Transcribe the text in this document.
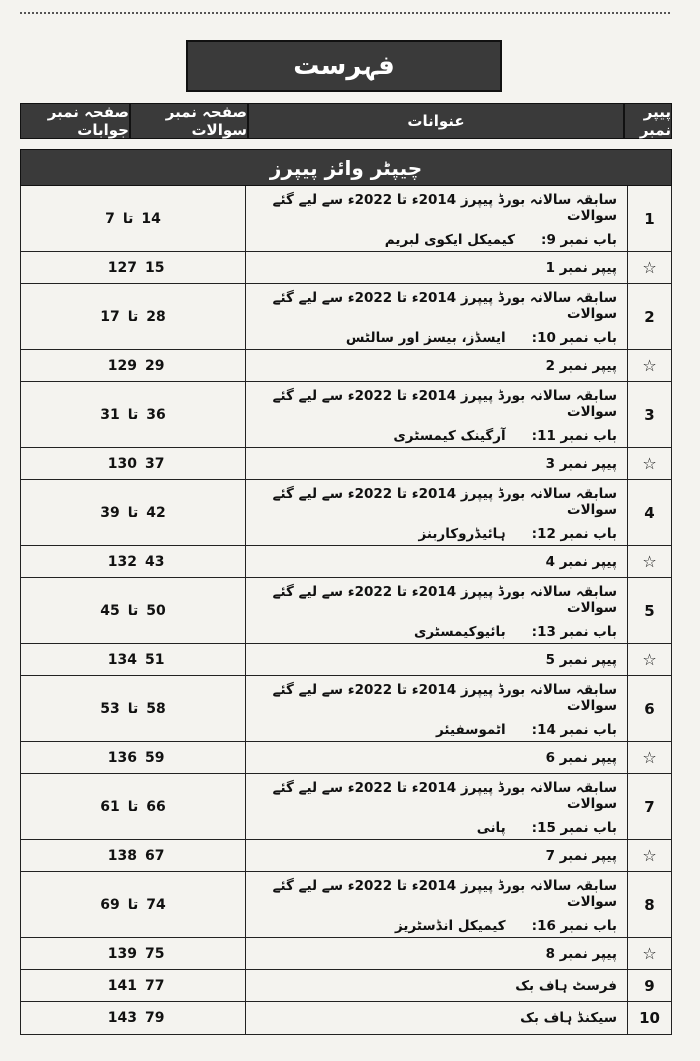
فہرست
پیپر نمبر
عنوانات
صفحہ نمبر سوالات
صفحہ نمبر جوابات
چیپٹر وائز پیپرز
1
سابقہ سالانہ بورڈ پیپرز 2014ء تا 2022ء سے لیے گئے سوالات
باب نمبر 9:
کیمیکل ایکوی لبریم
7 تا 14
☆
پیپر نمبر 1
15
127
2
سابقہ سالانہ بورڈ پیپرز 2014ء تا 2022ء سے لیے گئے سوالات
باب نمبر 10:
ایسڈز، بیسز اور سالٹس
17 تا 28
☆
پیپر نمبر 2
29
129
3
سابقہ سالانہ بورڈ پیپرز 2014ء تا 2022ء سے لیے گئے سوالات
باب نمبر 11:
آرگینک کیمسٹری
31 تا 36
☆
پیپر نمبر 3
37
130
4
سابقہ سالانہ بورڈ پیپرز 2014ء تا 2022ء سے لیے گئے سوالات
باب نمبر 12:
ہائیڈروکاربنز
39 تا 42
☆
پیپر نمبر 4
43
132
5
سابقہ سالانہ بورڈ پیپرز 2014ء تا 2022ء سے لیے گئے سوالات
باب نمبر 13:
بائیوکیمسٹری
45 تا 50
☆
پیپر نمبر 5
51
134
6
سابقہ سالانہ بورڈ پیپرز 2014ء تا 2022ء سے لیے گئے سوالات
باب نمبر 14:
اٹموسفیئر
53 تا 58
☆
پیپر نمبر 6
59
136
7
سابقہ سالانہ بورڈ پیپرز 2014ء تا 2022ء سے لیے گئے سوالات
باب نمبر 15:
پانی
61 تا 66
☆
پیپر نمبر 7
67
138
8
سابقہ سالانہ بورڈ پیپرز 2014ء تا 2022ء سے لیے گئے سوالات
باب نمبر 16:
کیمیکل انڈسٹریز
69 تا 74
☆
پیپر نمبر 8
75
139
9
فرسٹ ہاف بک
77
141
10
سیکنڈ ہاف بک
79
143
